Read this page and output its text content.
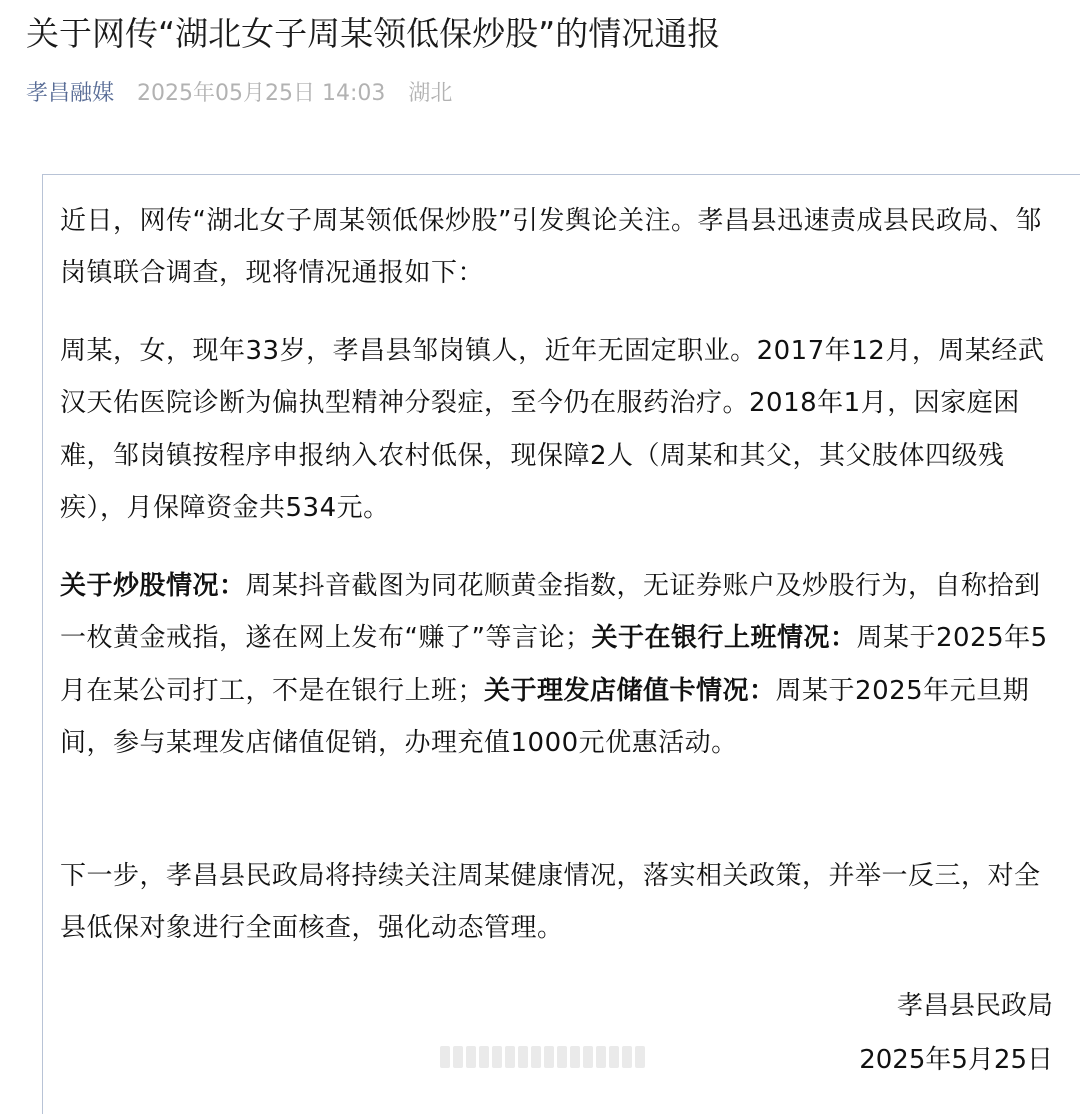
关于网传“湖北女子周某领低保炒股”的情况通报
孝昌融媒 2025年05月25日 14:03 湖北

近日，网传“湖北女子周某领低保炒股”引发舆论关注。孝昌县迅速责成县民政局、邹岗镇联合调查，现将情况通报如下：

周某，女，现年33岁，孝昌县邹岗镇人，近年无固定职业。2017年12月，周某经武汉天佑医院诊断为偏执型精神分裂症，至今仍在服药治疗。2018年1月，因家庭困难，邹岗镇按程序申报纳入农村低保，现保障2人（周某和其父，其父肢体四级残疾），月保障资金共534元。

关于炒股情况：周某抖音截图为同花顺黄金指数，无证券账户及炒股行为，自称拾到一枚黄金戒指，遂在网上发布“赚了”等言论；关于在银行上班情况：周某于2025年5月在某公司打工，不是在银行上班；关于理发店储值卡情况：周某于2025年元旦期间，参与某理发店储值促销，办理充值1000元优惠活动。

下一步，孝昌县民政局将持续关注周某健康情况，落实相关政策，并举一反三，对全县低保对象进行全面核查，强化动态管理。

孝昌县民政局
2025年5月25日
